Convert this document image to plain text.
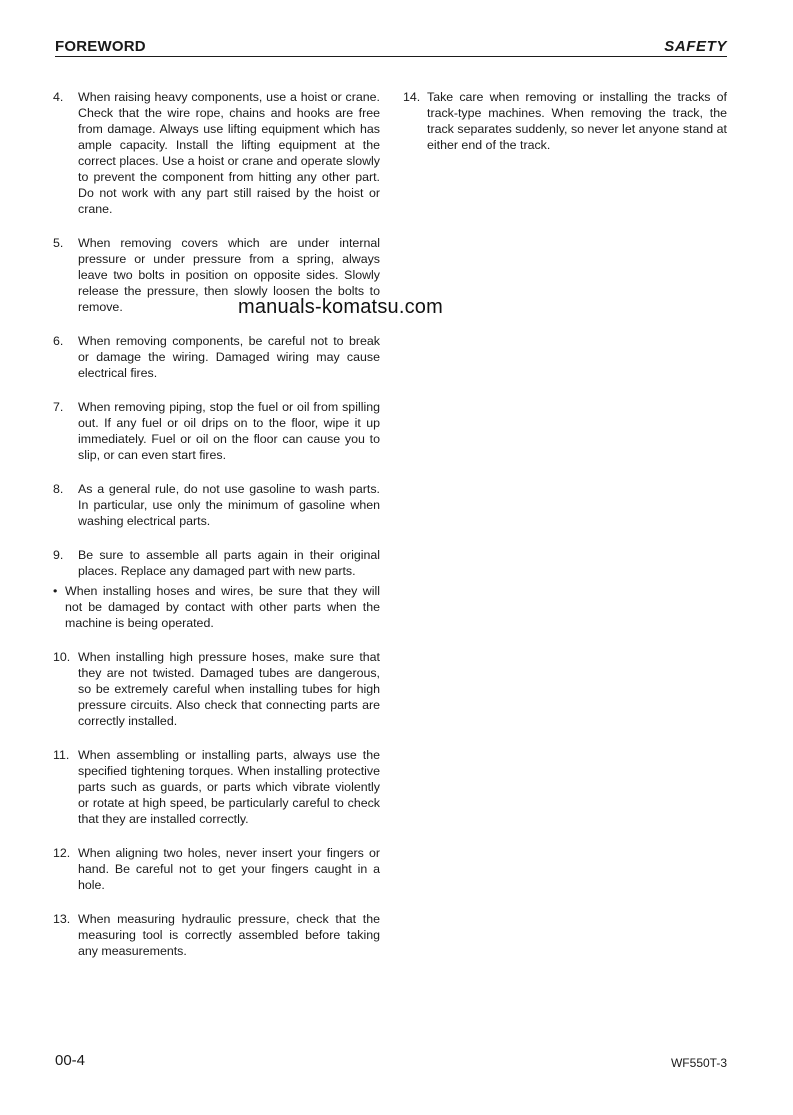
FOREWORD	SAFETY
4.	When raising heavy components, use a hoist or crane. Check that the wire rope, chains and hooks are free from damage. Always use lifting equipment which has ample capacity. Install the lifting equipment at the correct places. Use a hoist or crane and operate slowly to prevent the component from hitting any other part. Do not work with any part still raised by the hoist or crane.
5.	When removing covers which are under internal pressure or under pressure from a spring, always leave two bolts in position on opposite sides. Slowly release the pressure, then slowly loosen the bolts to remove.
6.	When removing components, be careful not to break or damage the wiring. Damaged wiring may cause electrical fires.
7.	When removing piping, stop the fuel or oil from spilling out. If any fuel or oil drips on to the floor, wipe it up immediately. Fuel or oil on the floor can cause you to slip, or can even start fires.
8.	As a general rule, do not use gasoline to wash parts. In particular, use only the minimum of gasoline when washing electrical parts.
9.	Be sure to assemble all parts again in their original places. Replace any damaged part with new parts.
• When installing hoses and wires, be sure that they will not be damaged by contact with other parts when the machine is being operated.
10. When installing high pressure hoses, make sure that they are not twisted. Damaged tubes are dangerous, so be extremely careful when installing tubes for high pressure circuits. Also check that connecting parts are correctly installed.
11. When assembling or installing parts, always use the specified tightening torques. When installing protective parts such as guards, or parts which vibrate violently or rotate at high speed, be particularly careful to check that they are installed correctly.
12. When aligning two holes, never insert your fingers or hand. Be careful not to get your fingers caught in a hole.
13. When measuring hydraulic pressure, check that the measuring tool is correctly assembled before taking any measurements.
14. Take care when removing or installing the tracks of track-type machines. When removing the track, the track separates suddenly, so never let anyone stand at either end of the track.
manuals-komatsu.com
00-4	WF550T-3
